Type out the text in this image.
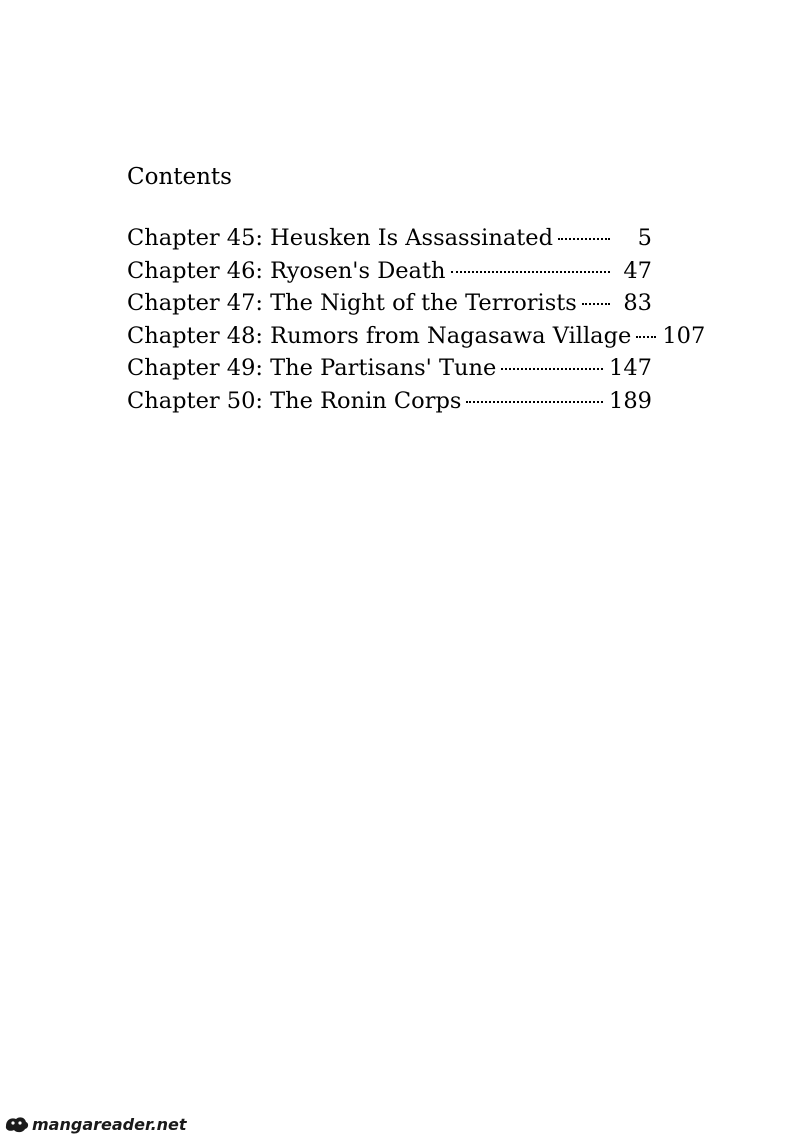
Contents
Chapter 45: Heusken Is Assassinated	5
Chapter 46: Ryosen's Death	47
Chapter 47: The Night of the Terrorists	83
Chapter 48: Rumors from Nagasawa Village 107
Chapter 49: The Partisans' Tune	147
Chapter 50: The Ronin Corps	189
mangareader.net
